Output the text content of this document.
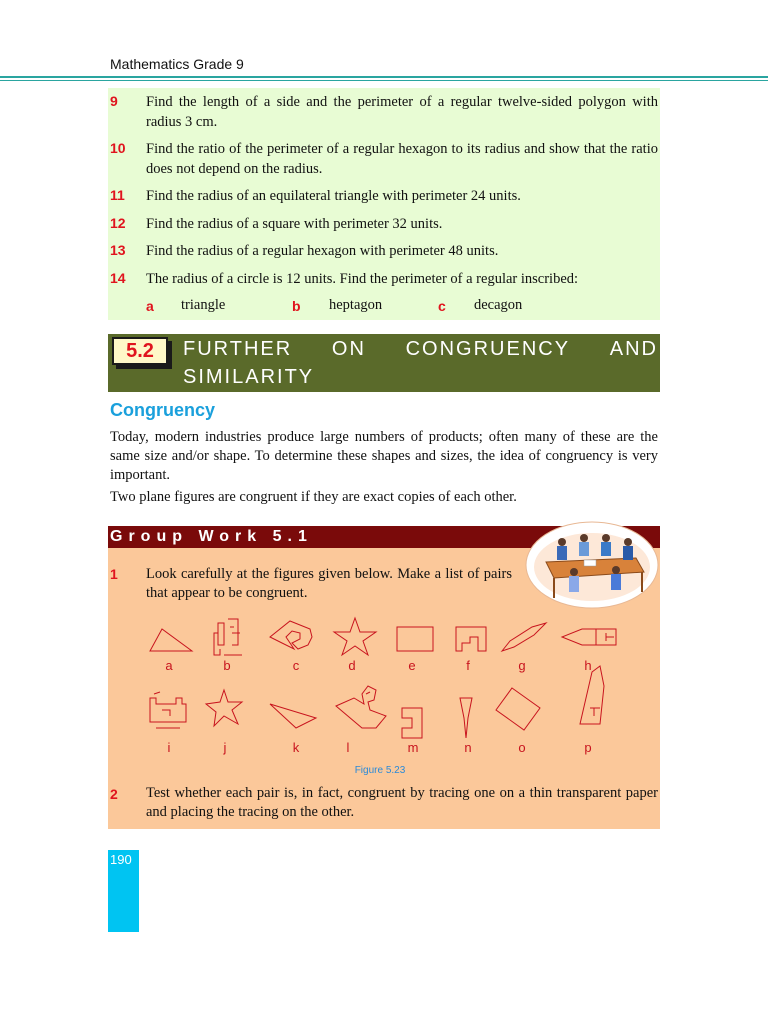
Mathematics Grade 9
9 Find the length of a side and the perimeter of a regular twelve-sided polygon with radius 3 cm.
10 Find the ratio of the perimeter of a regular hexagon to its radius and show that the ratio does not depend on the radius.
11 Find the radius of an equilateral triangle with perimeter 24 units.
12 Find the radius of a square with perimeter 32 units.
13 Find the radius of a regular hexagon with perimeter 48 units.
14 The radius of a circle is 12 units. Find the perimeter of a regular inscribed:
a triangle	b heptagon	c decagon
5.2	FURTHER ON CONGRUENCY AND
SIMILARITY
Congruency
Today, modern industries produce large numbers of products; often many of these are the same size and/or shape. To determine these shapes and sizes, the idea of congruency is very important.
Two plane figures are congruent if they are exact copies of each other.
Group Work 5.1
1 Look carefully at the figures given below. Make a list of pairs that appear to be congruent.
a	b	c	d	e	f	g	h
i	j	k	l	m	n	o	p
Figure 5.23
2 Test whether each pair is, in fact, congruent by tracing one on a thin transparent paper and placing the tracing on the other.
190
